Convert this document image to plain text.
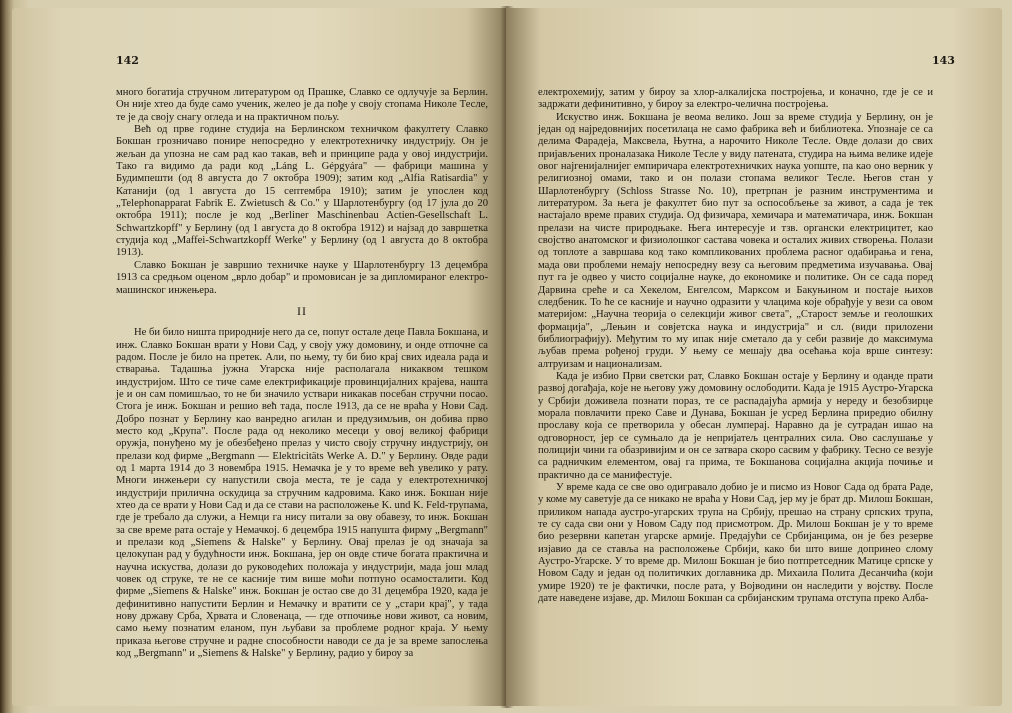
142

много богатија стручном литературом од Прашке, Славко се одлучује за Берлин. Он није хтео да буде само ученик, желео је да пође у своју стопама Николе Тесле, те је да своју снагу огледа и на практичном пољу.

Већ од прве године студија на Берлинском техничком факултету Славко Бокшан грозничаво понире непосредно у електротехничку индустрију. Он је жељан да упозна не сам рад као такав, већ и принципе рада у овој индустрији. Тако га видимо да ради код „Láng L. Gépgyára" — фабрици машина у Будимпешти (од 8 августа до 7 октобра 1909); затим код „Alfia Ratisardia" у Катанији (од 1 августа до 15 септембра 1910); затим је упослен код „Telephonapparat Fabrik E. Zwietusch & Co." у Шарлотенбургу (од 17 јула до 20 октобра 1911); после је код „Berliner Maschinenbau Actien-Gesellschaft L. Schwartzkopff" у Берлину (од 1 августа до 8 октобра 1912) и најзад до завршетка студија код „Maffei-Schwartzkopff Werke" у Берлину (од 1 августа до 8 октобра 1913).

Славко Бокшан је завршио техничке науке у Шарлотенбургу 13 децембра 1913 са средњом оценом „врло добар" и промовисан је за дипломираног електро-машинског инжењера.

II

Не би било ништа природније него да се, попут осталe деце Павла Бокшана, и инж. Славко Бокшан врати у Нови Сад, у своју ужу домовину, и онде отпочне са радом. После је било на претек. Али, по њему, ту би био крај свих идеала рада и стварања. Тадашња јужна Угарска није располагала никаквом тешком индустријом. Што се тиче саме електрификације провинцијалних крајева, наштa је и он сам помишљао, то не би значило уствари никакав посебан стручни посао. Стога је инж. Бокшан и решио већ тада, после 1913, да се не враћа у Нови Сад. Добро познат у Берлину као ванредно агилан и предузимљив, он добива прво место код „Крупа". После рада од неколико месеци у овој великој фабрици оружја, понуђено му је обезбеђено прелаз у чисто своју стручну индустрију, он прелази код фирме „Bergmann — Elektricitäts Werke A. D." у Берлину. Овде ради од 1 марта 1914 до 3 новембра 1915. Немачка је у то време већ увелико у рату. Многи инжењери су напустили своја места, те је сада у електротехничкој индустрији прилична оскудица за стручним кадровима. Како инж. Бокшан није хтео да се врати у Нови Сад и да се стави на расположење K. und K. Feld-трупама, где је требало да служи, а Немци га нису питали за ову обавезу, то инж. Бокшан за све време рата остаје у Немачкој. 6 децембра 1915 напушта фирму „Bergmann" и прелази код „Siemens & Halske" у Берлину. Овај прелаз је од значаја за целокупан рад у будућности инж. Бокшана, јер он овде стиче богата практична и научна искуства, долази до руководећих положаја у индустрији, мада још млад човек од струке, те не се касније тим више моћи потпуно осамосталити. Код фирме „Siemens & Halske" инж. Бокшан је остао све до 31 децембра 1920, када је дефинитивно напустити Берлин и Немачку и вратити се у „стари крај", у тада нову државу Срба, Хрвата и Словенаца, — где отпочиње нови живот, са новим, само њему познатим еланом, пун љубави за проблеме родног краја. У њему приказа његове стручне и радне способности наводи се да је за време запослења код „Bergmann" и „Siemens & Halske" у Берлину, радио у бироу за

143

електрохемију, затим у бироу за хлор-алкалијска постројења, и коначно, где је се и задржати дефинитивно, у бироу за електро-челична постројења.

Искуство инж. Бокшана је веома велико. Још за време студија у Берлину, он је један од најредовнијих посетилаца не само фабрика већ и библиотека. Упознаје се са делима Фарадеја, Максвела, Њутна, а нарочито Николе Тесле. Овде долази до свих пријављених проналазака Николе Тесле у виду патената, студира на њима велике идеје овог најгенијалнијег емпиричара електротехничких наука уопште, па као оно верник у религиозној омами, тако и он полази стопама великог Тесле. Његов стан у Шарлотенбургу (Schloss Strasse No. 10), претрпан је разним инструментима и литературом. За њега је факултет био пут за оспособљење за живот, а сада је тек настајало време правих студија. Од физичара, хемичара и математичара, инж. Бокшан прелази на чисте природњаке. Њега интересује и тзв. органски електрицитет, као својство анатомског и физиолошког састава човека и осталих живих створења. Полази од топлоте а завршава код тако компликованих проблема расног одабирања и гена, мада ови проблеми немају непосредну везу са његовим предметима изучавања. Овај пут га је одвео у чисто социјалне науке, до економике и политике. Он се сада поред Дарвина среће и са Хекелом, Енгелсом, Марксом и Бакуњином и постаје њихов следбеник. То ће се касније и научно одразити у члацима које обрађује у вези са овом материјом: „Научна теорија о селекцији живог света", „Старост земље и геолошких формација", „Лењин и совјетска наука и индустрија" и сл. (види прилоzeни библиографију). Међутим то му ипак није сметало да у себи развије до максимума љубав према рођеној груди. У њему се мешају два осећања која врше синтезу: алтруизам и национализам.

Када је избио Први светски рат, Славко Бокшан остаје у Берлину и оданде прати развој догађаја, које не његову ужу домовину ослободити. Када је 1915 Аустро-Угарска у Србији доживела познати пораз, те се распадајућа армија у нереду и безобзирце морала повлачити преко Саве и Дунава, Бокшан је усред Берлина приредио обилну прославу која се претворила у обесан лумперај. Наравно да је сутрадан ишао на одговорност, јер се сумњало да је непријатељ централних сила. Ово саслушање у полицији чини га обазривијим и он се затвара скоро сасвим у фабрику. Тесно се везује са радничким елементом, овај га прима, те Бокшанова социјална акција почиње и практично да се манифестује.

У време када се све ово одигравало добио је и писмо из Новог Сада од брата Раде, у коме му саветује да се никако не враћа у Нови Сад, јер му је брат др. Милош Бокшан, приликом напада аустро-угарских трупа на Србију, прешао на страну српских трупа, те су сада сви они у Новом Саду под присмотром. Др. Милош Бокшан је у то време био резервни капетан угарске армије. Предајући се Србијанцима, он је без резерве изјавио да се ставља на расположење Србији, како би што више допринео слому Аустро-Угарске. У то време др. Милош Бокшан је био потпретседник Матице српске у Новом Саду и један од политичких доглавника др. Михаила Полита Десанчића (који умире 1920) те је фактички, после рата, у Војводини он наследити у војству. После дате наведене изјаве, др. Милош Бокшан са србијанским трупама отступа преко Албa-
